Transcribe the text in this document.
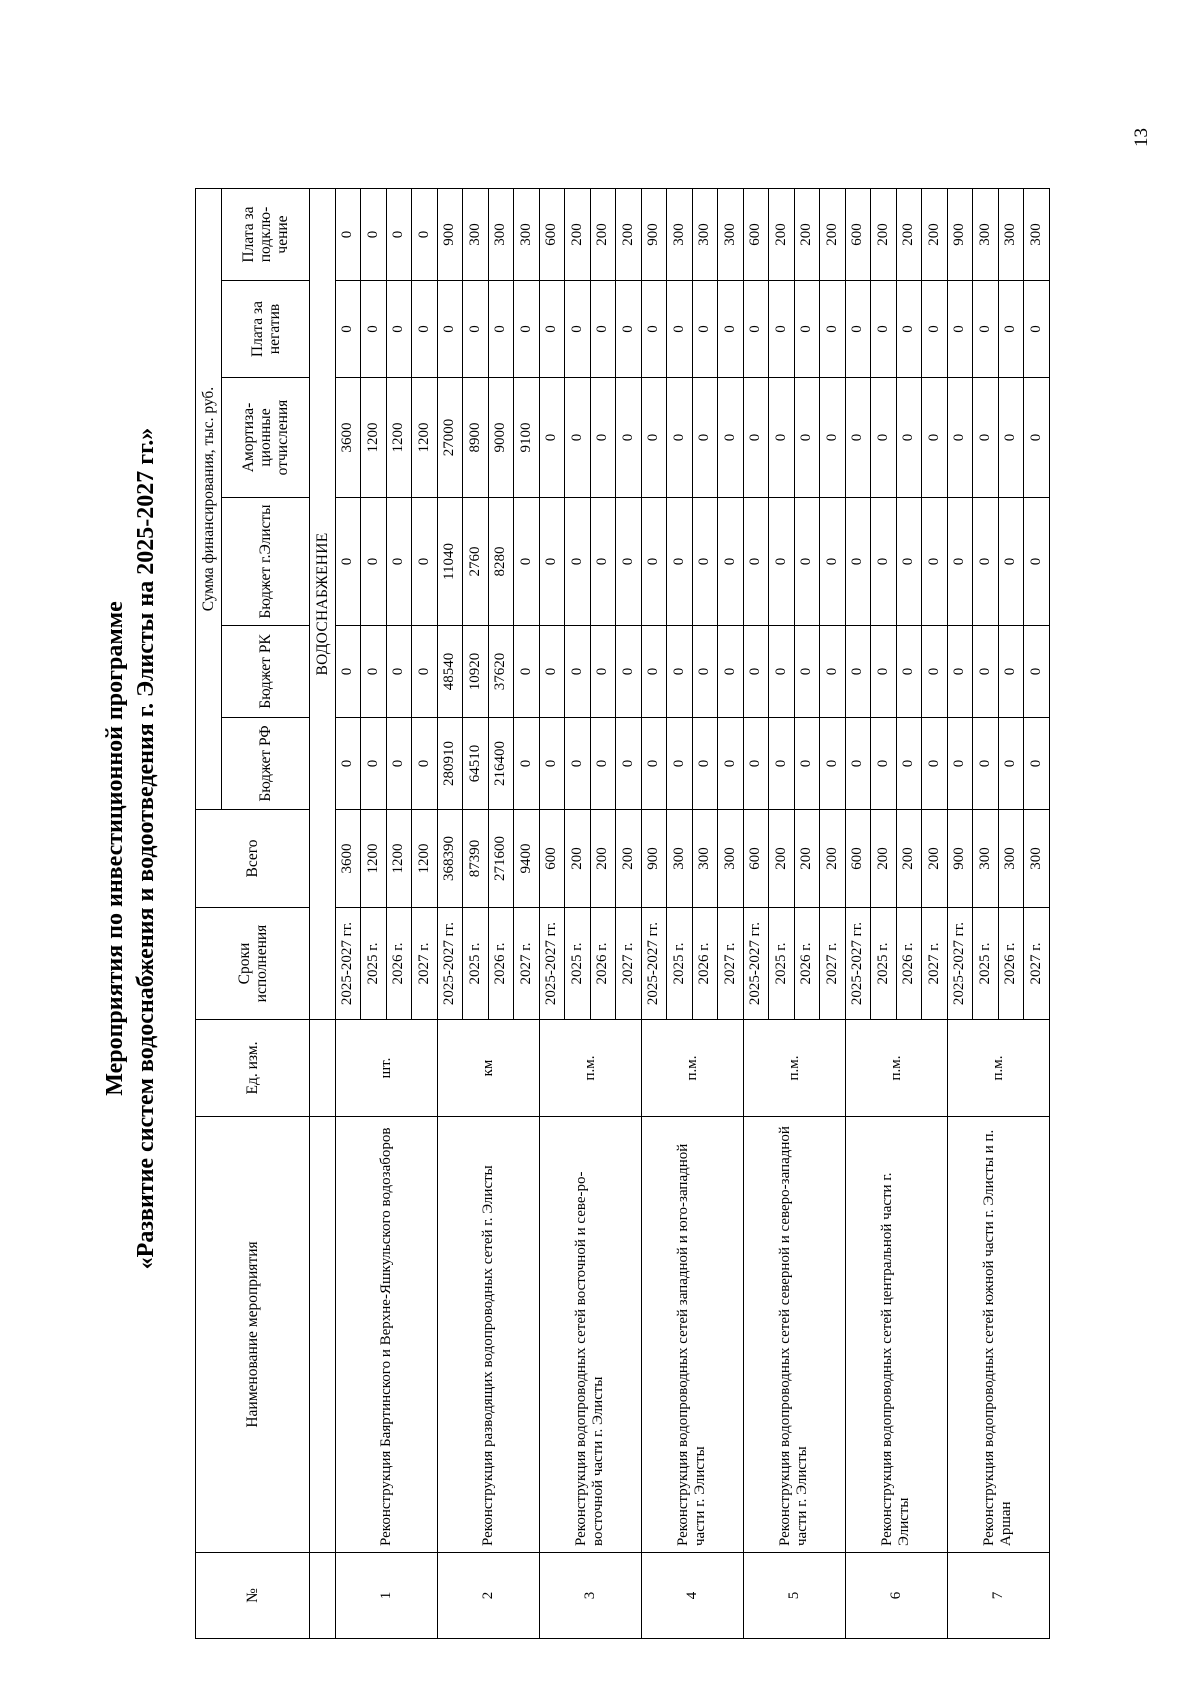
Мероприятия по инвестиционной программе «Развитие систем водоснабжения и водоотведения г. Элисты на 2025-2027 гг.»
№	Наименование мероприятия	Ед. изм.	Сроки исполнения	Всего	Сумма финансирования, тыс. руб.					
					Бюджет РФ	Бюджет РК	Бюджет г.Элисты	Амортиза-ционные отчисления	Плата за негатив	Плата за подклю-чение
			ВОДОСНАБЖЕНИЕ							
1	Реконструкция Баяртинского и Верхне-Яшкульского водозаборов	шт.	2025-2027 гг.	3600	0	0	0	3600	0	0
			2025 г.	1200	0	0	0	1200	0	0
			2026 г.	1200	0	0	0	1200	0	0
			2027 г.	1200	0	0	0	1200	0	0
2	Реконструкция разводящих водопроводных сетей г. Элисты	км	2025-2027 гг.	368390	280910	48540	11040	27000	0	900
			2025 г.	87390	64510	10920	2760	8900	0	300
			2026 г.	271600	216400	37620	8280	9000	0	300
			2027 г.	9400	0	0	0	9100	0	300
3	Реконструкция водопроводных сетей восточной и севе-ро-восточной части г. Элисты	п.м.	2025-2027 гг.	600	0	0	0	0	0	600
			2025 г.	200	0	0	0	0	0	200
			2026 г.	200	0	0	0	0	0	200
			2027 г.	200	0	0	0	0	0	200
4	Реконструкция водопроводных сетей западной и юго-западной части г. Элисты	п.м.	2025-2027 гг.	900	0	0	0	0	0	900
			2025 г.	300	0	0	0	0	0	300
			2026 г.	300	0	0	0	0	0	300
			2027 г.	300	0	0	0	0	0	300
5	Реконструкция водопроводных сетей северной и северо-западной части г. Элисты	п.м.	2025-2027 гг.	600	0	0	0	0	0	600
			2025 г.	200	0	0	0	0	0	200
			2026 г.	200	0	0	0	0	0	200
			2027 г.	200	0	0	0	0	0	200
6	Реконструкция водопроводных сетей центральной части г. Элисты	п.м.	2025-2027 гг.	600	0	0	0	0	0	600
			2025 г.	200	0	0	0	0	0	200
			2026 г.	200	0	0	0	0	0	200
			2027 г.	200	0	0	0	0	0	200
7	Реконструкция водопроводных сетей южной части г. Элисты и п. Аршан	п.м.	2025-2027 гг.	900	0	0	0	0	0	900
			2025 г.	300	0	0	0	0	0	300
			2026 г.	300	0	0	0	0	0	300
			2027 г.	300	0	0	0	0	0	300
13
